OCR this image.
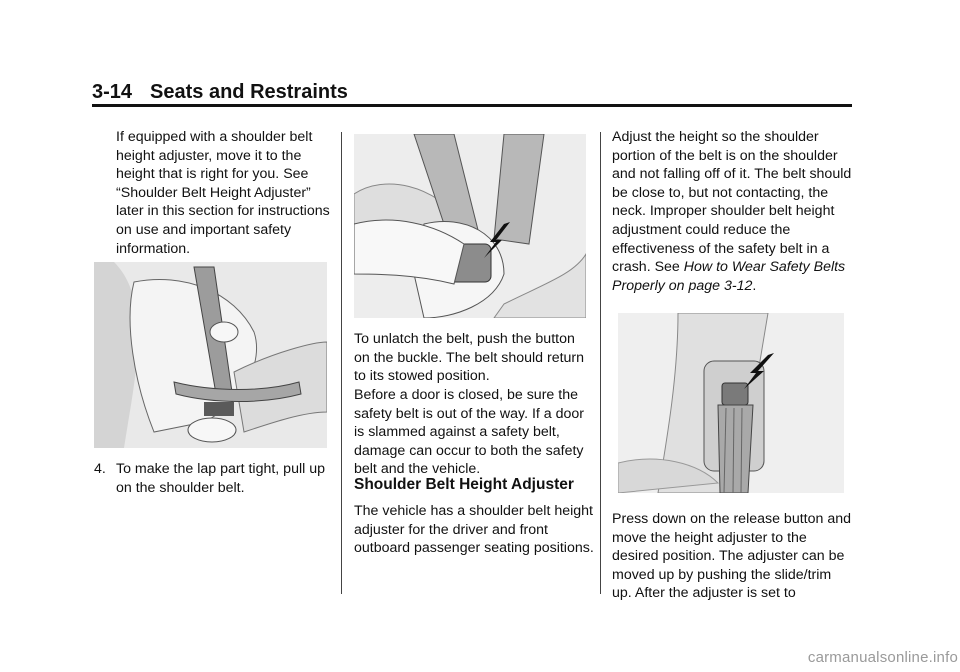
3-14 Seats and Restraints

If equipped with a shoulder belt height adjuster, move it to the height that is right for you. See “Shoulder Belt Height Adjuster” later in this section for instructions on use and important safety information.

4. To make the lap part tight, pull up on the shoulder belt.

To unlatch the belt, push the button on the buckle. The belt should return to its stowed position.

Before a door is closed, be sure the safety belt is out of the way. If a door is slammed against a safety belt, damage can occur to both the safety belt and the vehicle.

Shoulder Belt Height Adjuster

The vehicle has a shoulder belt height adjuster for the driver and front outboard passenger seating positions.

Adjust the height so the shoulder portion of the belt is on the shoulder and not falling off of it. The belt should be close to, but not contacting, the neck. Improper shoulder belt height adjustment could reduce the effectiveness of the safety belt in a crash. See How to Wear Safety Belts Properly on page 3-12.

Press down on the release button and move the height adjuster to the desired position. The adjuster can be moved up by pushing the slide/trim up. After the adjuster is set to

carmanualsonline.info
